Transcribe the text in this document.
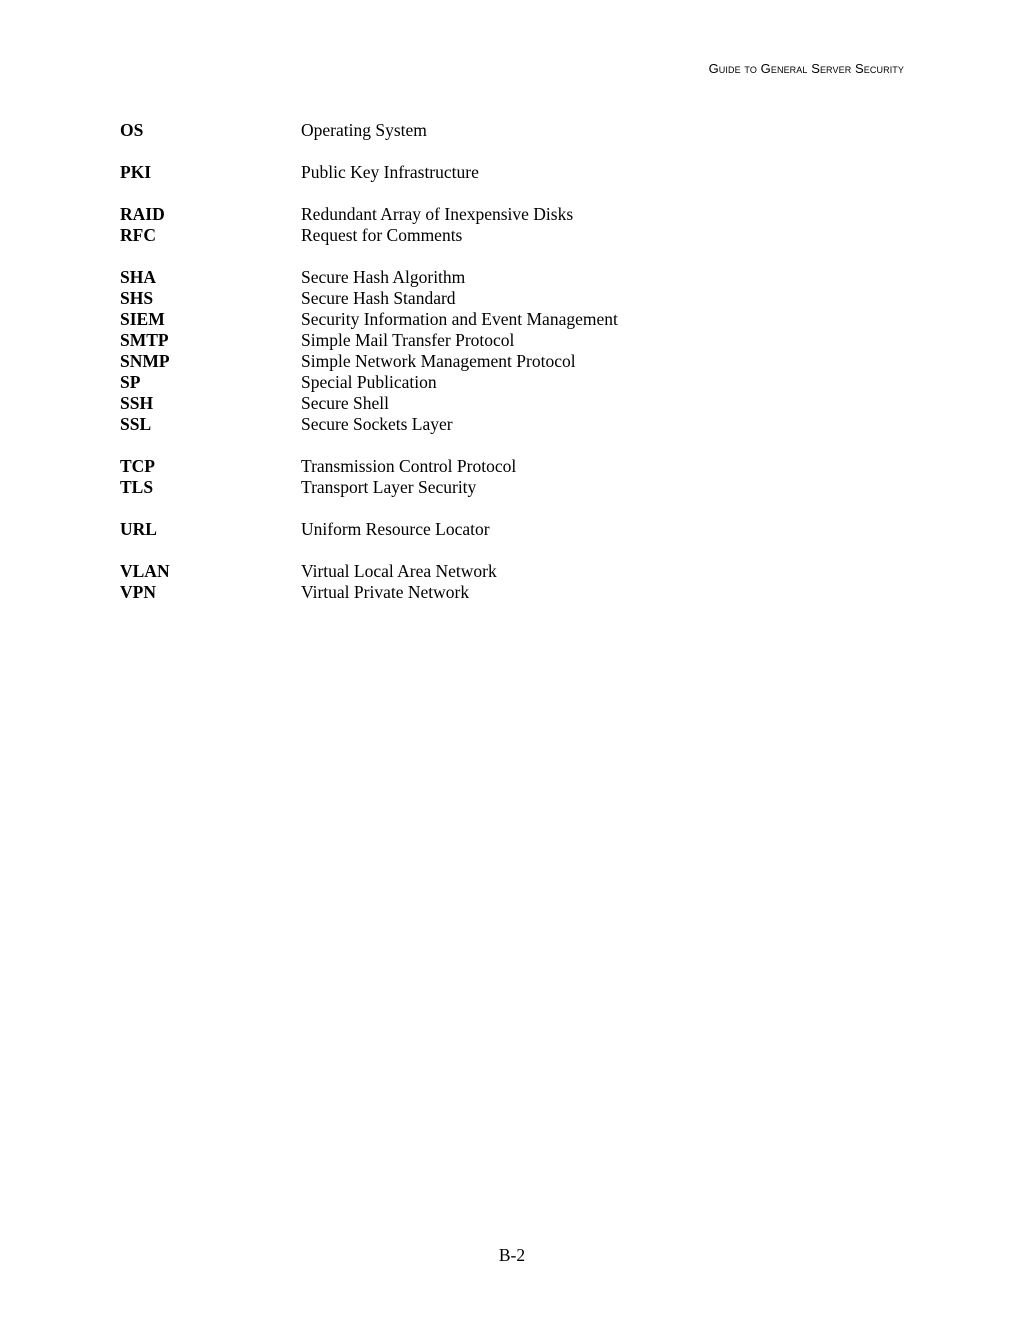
Guide to General Server Security
OS	Operating System
PKI	Public Key Infrastructure
RAID	Redundant Array of Inexpensive Disks
RFC	Request for Comments
SHA	Secure Hash Algorithm
SHS	Secure Hash Standard
SIEM	Security Information and Event Management
SMTP	Simple Mail Transfer Protocol
SNMP	Simple Network Management Protocol
SP	Special Publication
SSH	Secure Shell
SSL	Secure Sockets Layer
TCP	Transmission Control Protocol
TLS	Transport Layer Security
URL	Uniform Resource Locator
VLAN	Virtual Local Area Network
VPN	Virtual Private Network
B-2
